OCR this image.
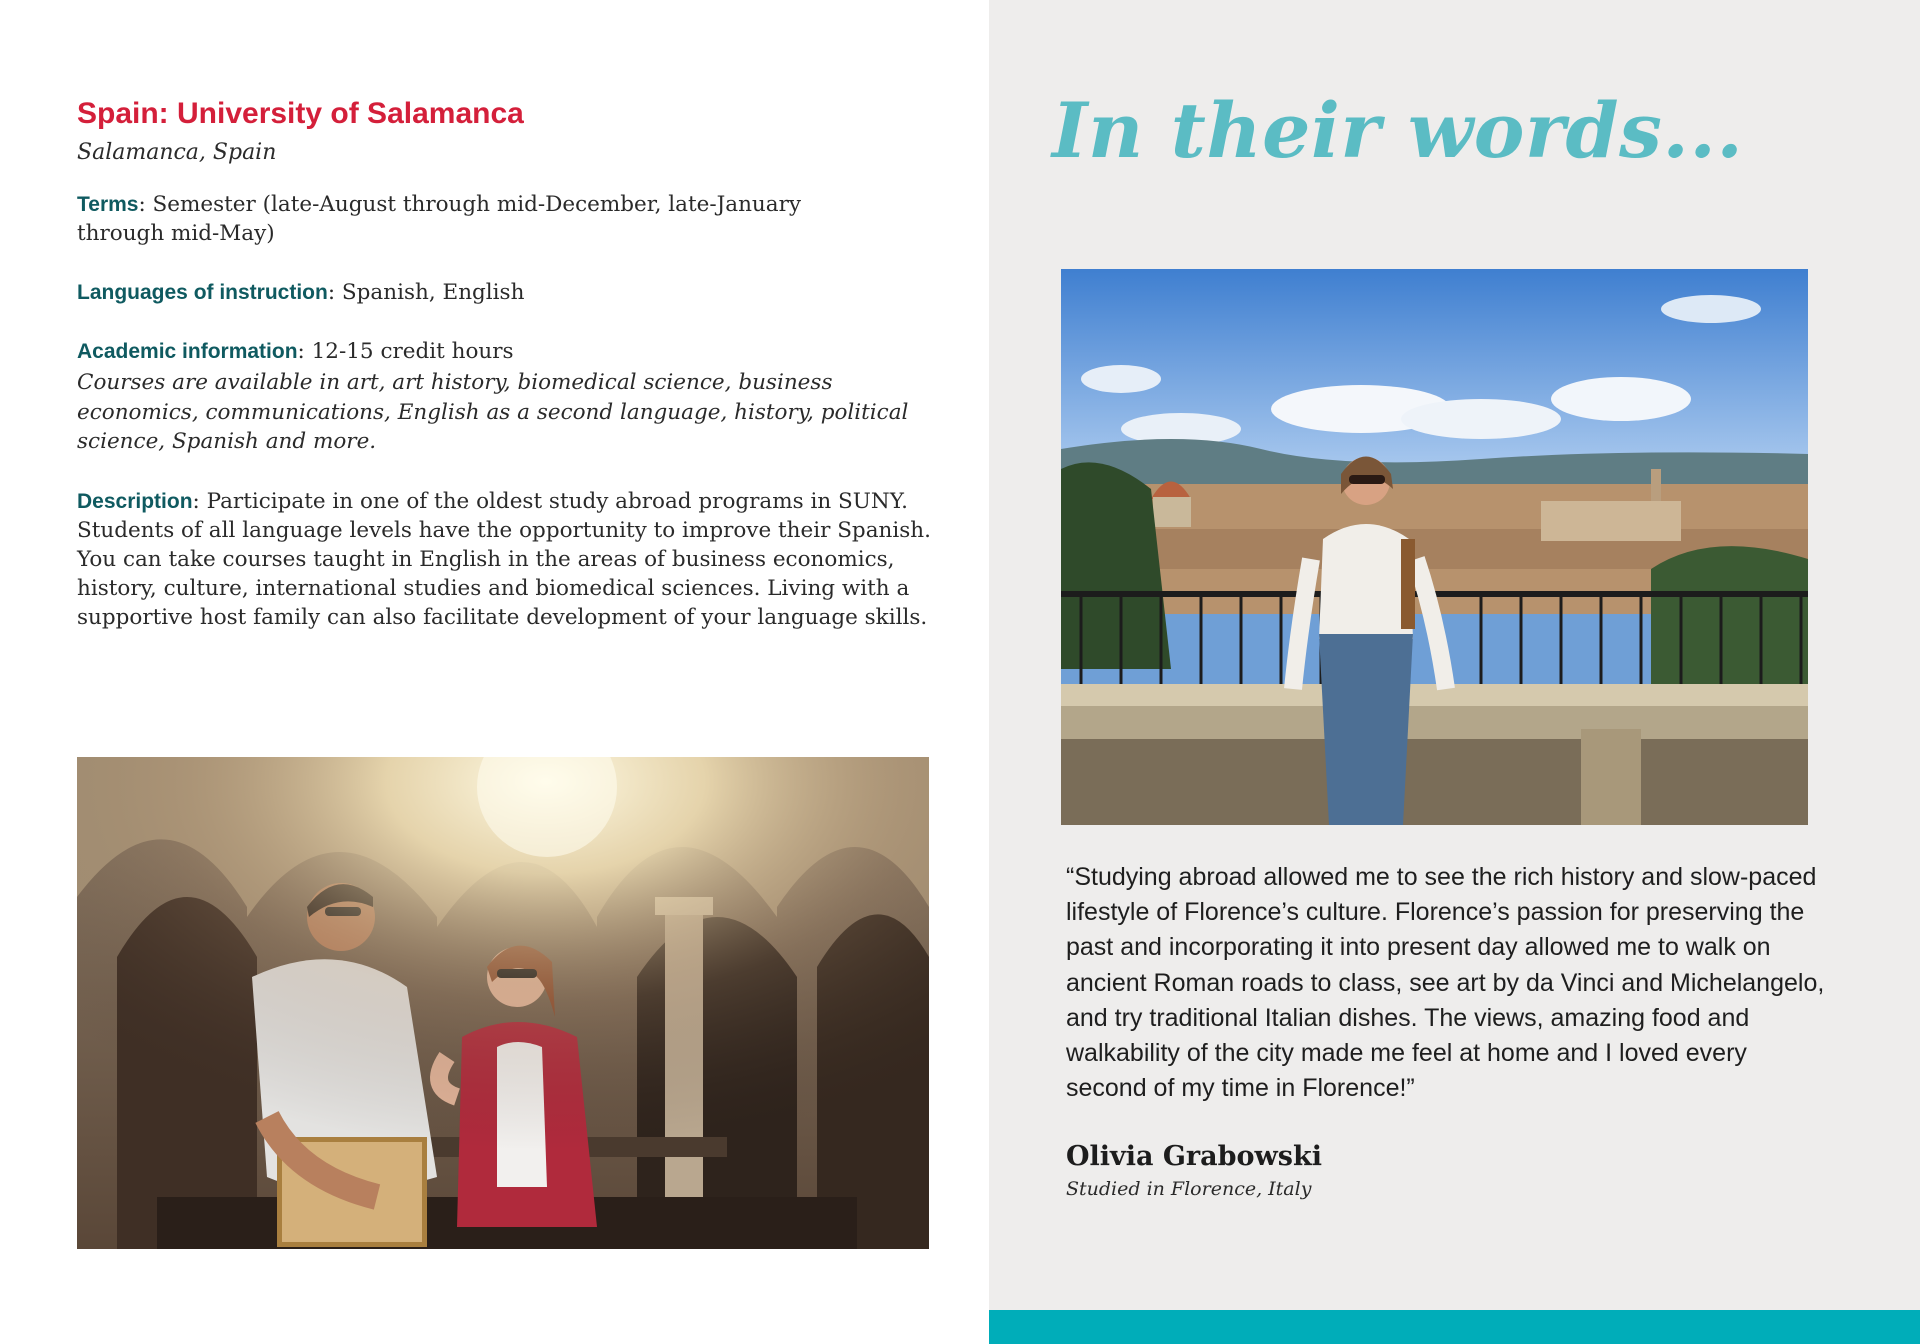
Spain: University of Salamanca

Salamanca, Spain

Terms: Semester (late-August through mid-December, late-January through mid-May)

Languages of instruction: Spanish, English

Academic information: 12-15 credit hours

Courses are available in art, art history, biomedical science, business economics, communications, English as a second language, history, political science, Spanish and more.

Description: Participate in one of the oldest study abroad programs in SUNY. Students of all language levels have the opportunity to improve their Spanish. You can take courses taught in English in the areas of business economics, history, culture, international studies and biomedical sciences. Living with a supportive host family can also facilitate development of your language skills.

In their words...

“Studying abroad allowed me to see the rich history and slow-paced lifestyle of Florence’s culture. Florence’s passion for preserving the past and incorporating it into present day allowed me to walk on ancient Roman roads to class, see art by da Vinci and Michelangelo, and try traditional Italian dishes. The views, amazing food and walkability of the city made me feel at home and I loved every second of my time in Florence!”

Olivia Grabowski

Studied in Florence, Italy
